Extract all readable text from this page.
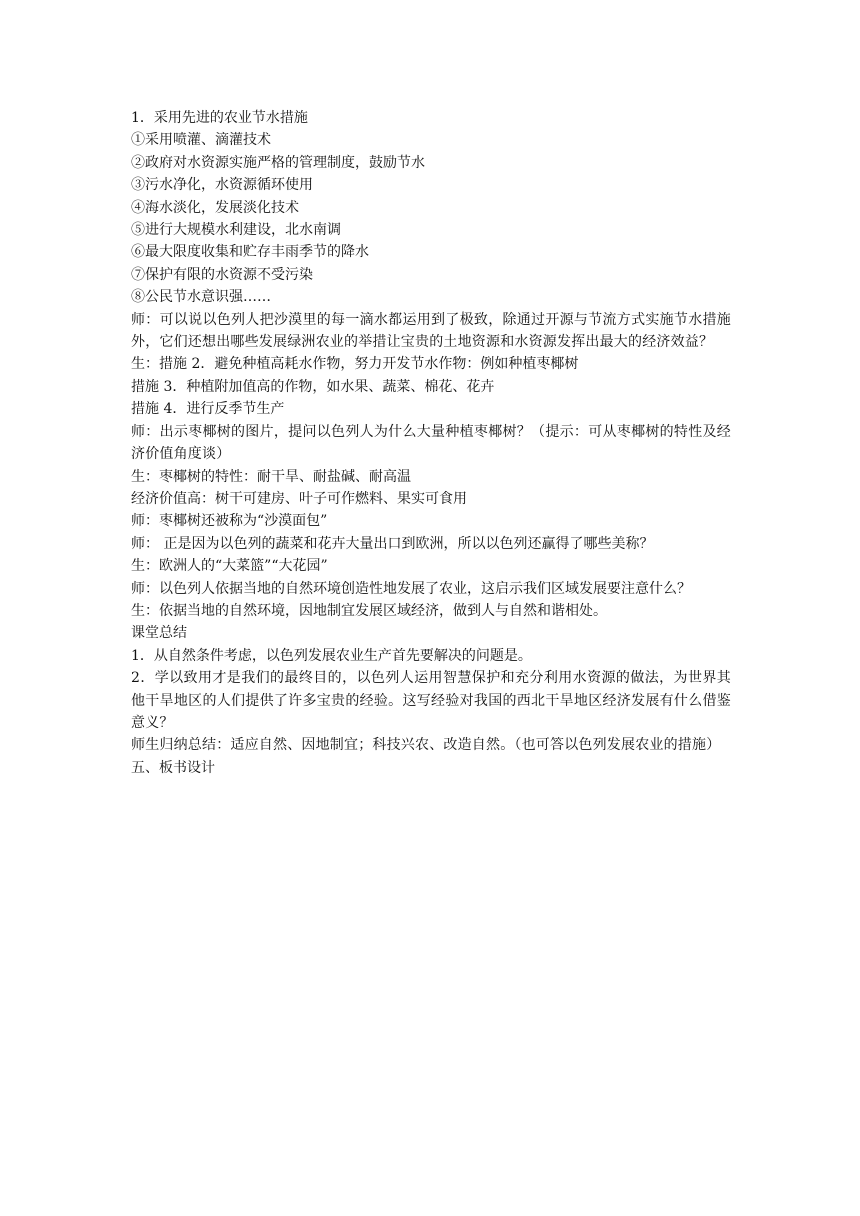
1．采用先进的农业节水措施

①采用喷灌、滴灌技术

②政府对水资源实施严格的管理制度，鼓励节水

③污水净化，水资源循环使用

④海水淡化，发展淡化技术

⑤进行大规模水利建设，北水南调

⑥最大限度收集和贮存丰雨季节的降水

⑦保护有限的水资源不受污染

⑧公民节水意识强……

师：可以说以色列人把沙漠里的每一滴水都运用到了极致，除通过开源与节流方式实施节水措施外，它们还想出哪些发展绿洲农业的举措让宝贵的土地资源和水资源发挥出最大的经济效益？

生：措施 2．避免种植高耗水作物，努力开发节水作物：例如种植枣椰树

措施 3．种植附加值高的作物，如水果、蔬菜、棉花、花卉

措施 4．进行反季节生产

师：出示枣椰树的图片，提问以色列人为什么大量种植枣椰树？（提示：可从枣椰树的特性及经济价值角度谈）

生：枣椰树的特性：耐干旱、耐盐碱、耐高温

经济价值高：树干可建房、叶子可作燃料、果实可食用

师：枣椰树还被称为“沙漠面包”

师： 正是因为以色列的蔬菜和花卉大量出口到欧洲，所以以色列还赢得了哪些美称？

生：欧洲人的“大菜篮”“大花园”

师：以色列人依据当地的自然环境创造性地发展了农业，这启示我们区域发展要注意什么？

生：依据当地的自然环境，因地制宜发展区域经济，做到人与自然和谐相处。

课堂总结

1．从自然条件考虑，以色列发展农业生产首先要解决的问题是。

2．学以致用才是我们的最终目的，以色列人运用智慧保护和充分利用水资源的做法，为世界其他干旱地区的人们提供了许多宝贵的经验。这写经验对我国的西北干旱地区经济发展有什么借鉴意义？

师生归纳总结：适应自然、因地制宜；科技兴农、改造自然。（也可答以色列发展农业的措施）

五、板书设计
